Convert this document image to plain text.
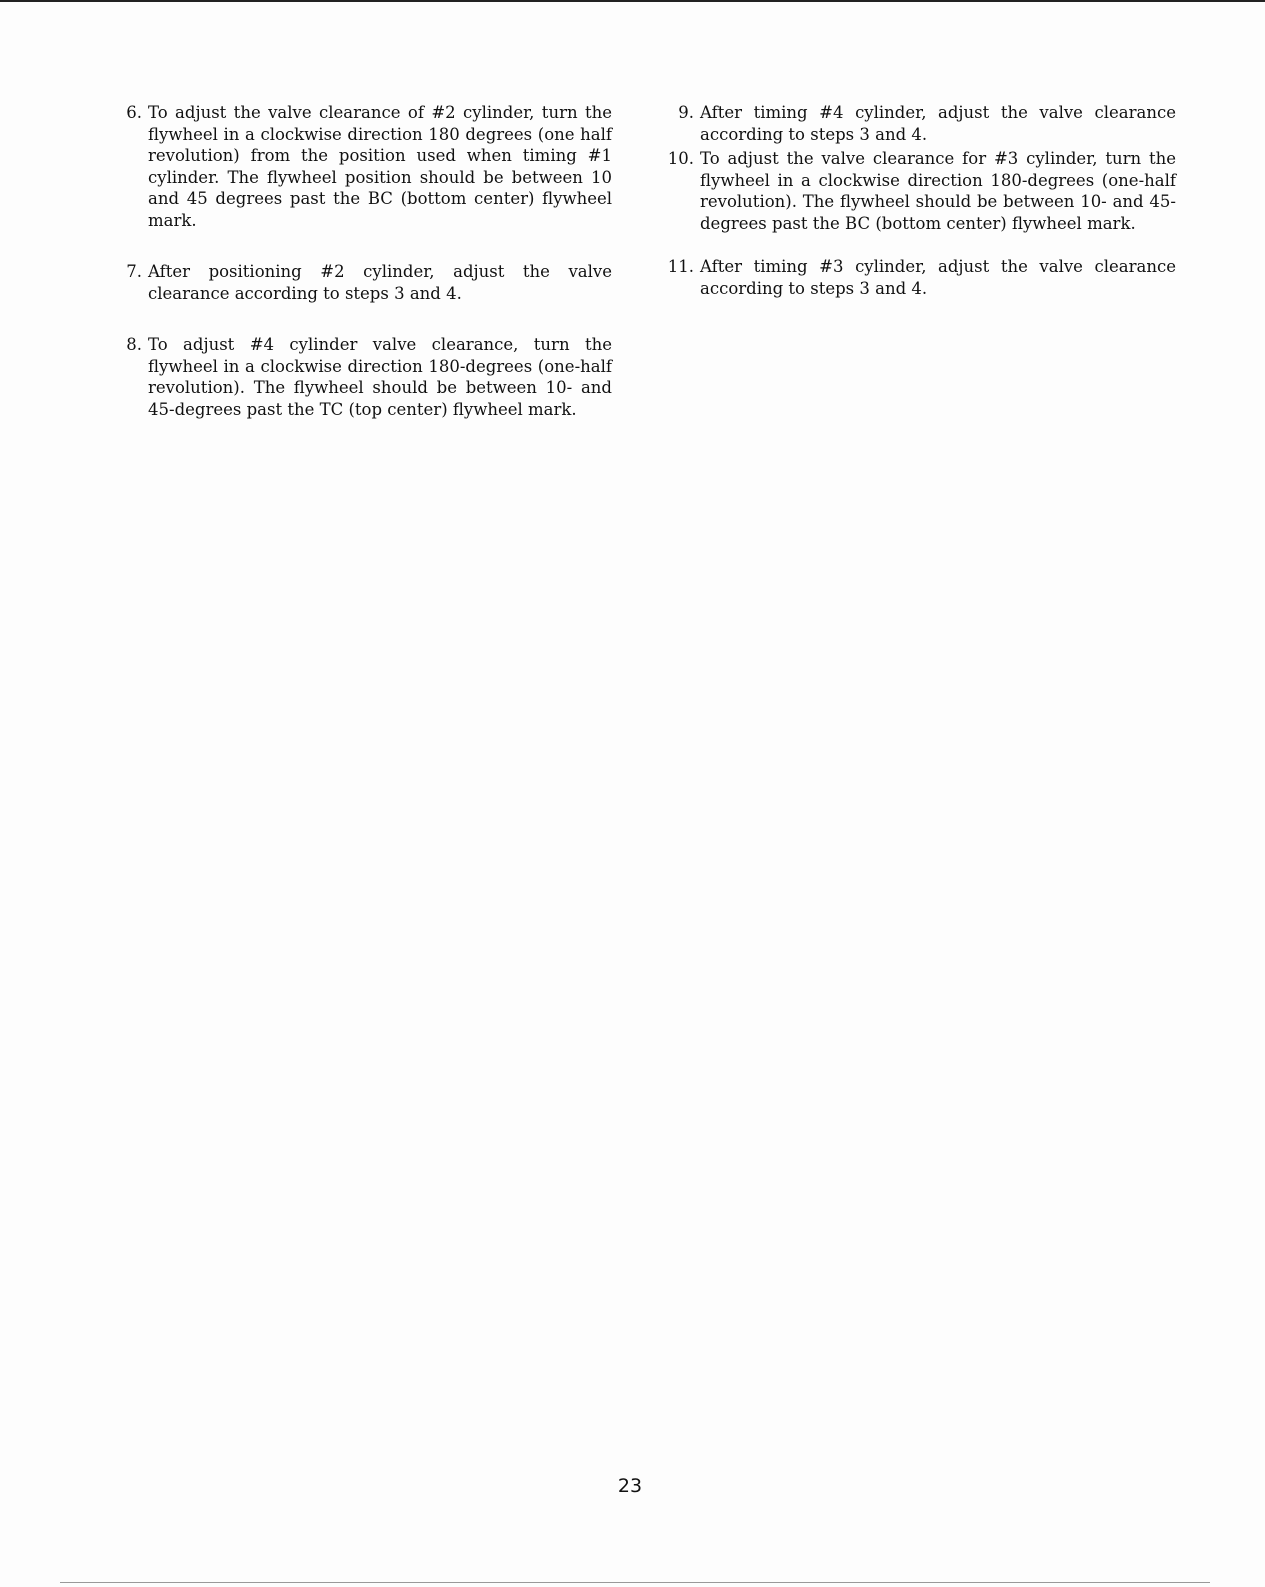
6. To adjust the valve clearance of #2 cylinder, turn the flywheel in a clockwise direction 180 degrees (one half revolution) from the position used when timing #1 cylinder. The flywheel position should be between 10 and 45 degrees past the BC (bottom center) flywheel mark.
7. After positioning #2 cylinder, adjust the valve clearance according to steps 3 and 4.
8. To adjust #4 cylinder valve clearance, turn the flywheel in a clockwise direction 180-degrees (one-half revolution). The flywheel should be between 10- and 45-degrees past the TC (top center) flywheel mark.
9. After timing #4 cylinder, adjust the valve clearance according to steps 3 and 4.
10. To adjust the valve clearance for #3 cylinder, turn the flywheel in a clockwise direction 180-degrees (one-half revolution). The flywheel should be between 10- and 45-degrees past the BC (bottom center) flywheel mark.
11. After timing #3 cylinder, adjust the valve clearance according to steps 3 and 4.
23
